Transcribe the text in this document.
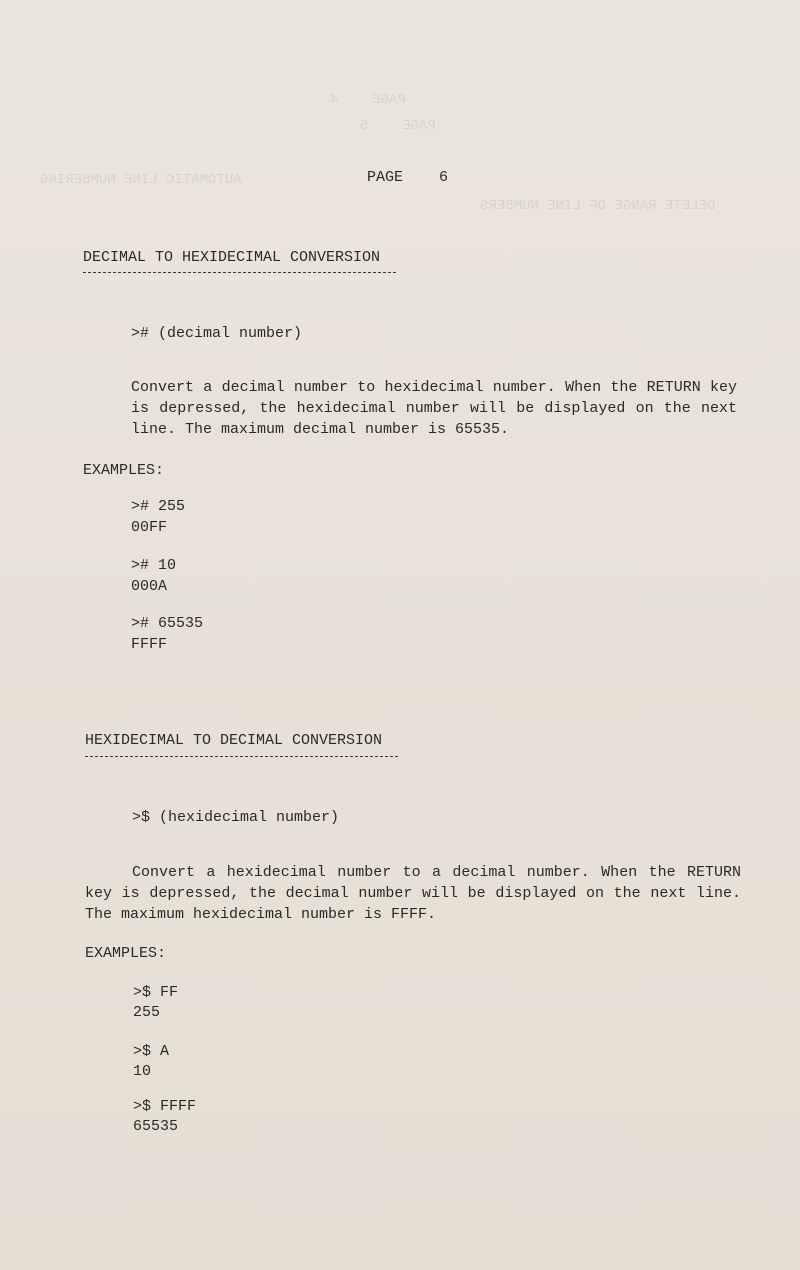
PAGE    4
PAGE    5
AUTOMATIC LINE NUMBERING
DELETE RANGE OF LINE NUMBERS
PAGE 6
DECIMAL TO HEXIDECIMAL CONVERSION
># (decimal number)
Convert a decimal number to hexidecimal number. When the RETURN key is depressed, the hexidecimal number will be displayed on the next line. The maximum decimal number is 65535.
EXAMPLES:
># 255
00FF
># 10
000A
># 65535
FFFF
HEXIDECIMAL TO DECIMAL CONVERSION
>$ (hexidecimal number)
Convert a hexidecimal number to a decimal number. When the RETURN key is depressed, the decimal number will be displayed on the next line. The maximum hexidecimal number is FFFF.
EXAMPLES:
>$ FF
255
>$ A
10
>$ FFFF
65535
